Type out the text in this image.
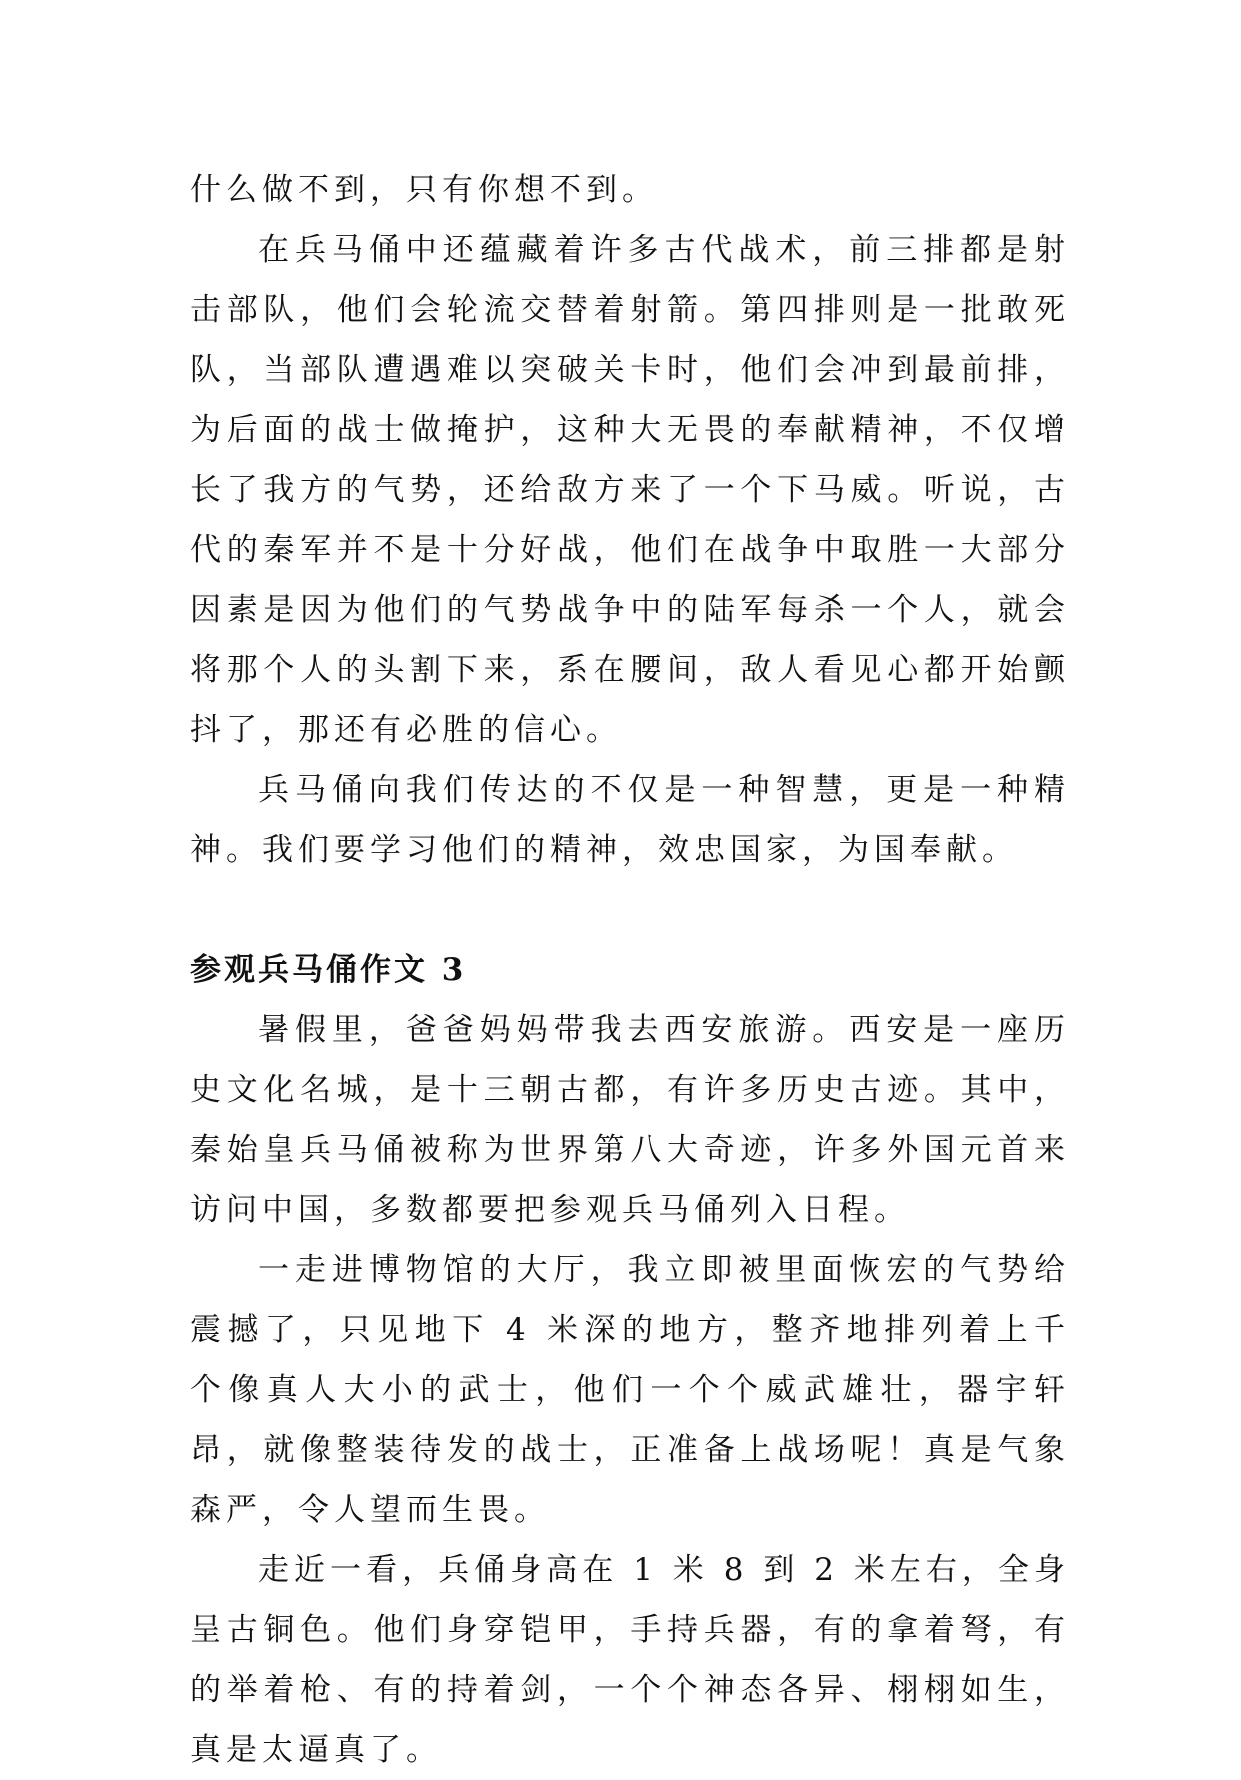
什么做不到，只有你想不到。

在兵马俑中还蕴藏着许多古代战术，前三排都是射击部队，他们会轮流交替着射箭。第四排则是一批敢死队，当部队遭遇难以突破关卡时，他们会冲到最前排，为后面的战士做掩护，这种大无畏的奉献精神，不仅增长了我方的气势，还给敌方来了一个下马威。听说，古代的秦军并不是十分好战，他们在战争中取胜一大部分因素是因为他们的气势战争中的陆军每杀一个人，就会将那个人的头割下来，系在腰间，敌人看见心都开始颤抖了，那还有必胜的信心。

兵马俑向我们传达的不仅是一种智慧，更是一种精神。我们要学习他们的精神，效忠国家，为国奉献。

参观兵马俑作文 3

暑假里，爸爸妈妈带我去西安旅游。西安是一座历史文化名城，是十三朝古都，有许多历史古迹。其中，秦始皇兵马俑被称为世界第八大奇迹，许多外国元首来访问中国，多数都要把参观兵马俑列入日程。

一走进博物馆的大厅，我立即被里面恢宏的气势给震撼了，只见地下 4 米深的地方，整齐地排列着上千个像真人大小的武士，他们一个个威武雄壮，器宇轩昂，就像整装待发的战士，正准备上战场呢！真是气象森严，令人望而生畏。

走近一看，兵俑身高在 1 米 8 到 2 米左右，全身呈古铜色。他们身穿铠甲，手持兵器，有的拿着弩，有的举着枪、有的持着剑，一个个神态各异、栩栩如生，真是太逼真了。
